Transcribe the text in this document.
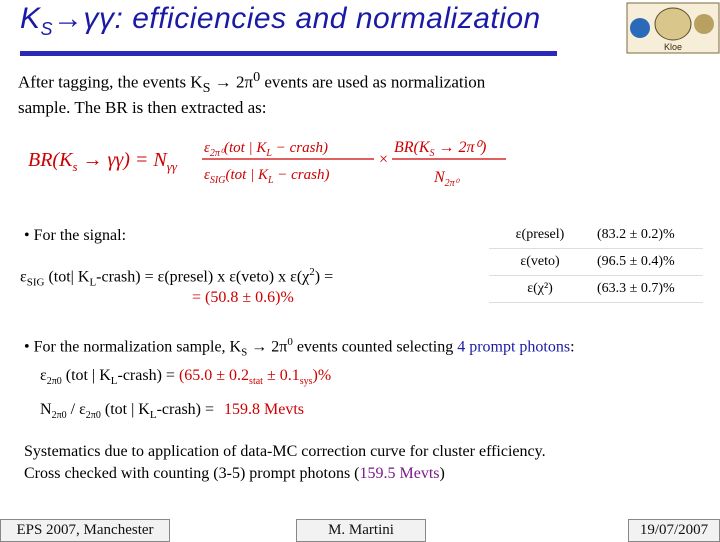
$K_S\to\gamma\gamma$: efficiencies and normalization
Kloe
After tagging, the events $K_S \to 2\pi^0$ events are used as normalization
sample. The BR is then extracted as:
$BR(K_s \to \gamma\gamma) = N_{\gamma\gamma}$
$\varepsilon_{2\pi^0}(tot$ | $K_L$ − crash)
$\varepsilon_{SIG}(tot$ | $K_L$ − crash)
×
$BR(K_S \to 2\pi^0)$
$N_{2\pi^0}$
• For the signal:
$\varepsilon_{SIG}$ (tot| $K_L-crash$) = ε(presel) x ε(veto) x $\varepsilon(\chi^2)$ =
= (50.8 ± 0.6)%
ε(presel)	(83.2 ± 0.2)%
ε(veto)	(96.5 ± 0.4)%
ε(χ²)	(63.3 ± 0.7)%
• For the normalization sample, $K_S \to 2\pi^0$ events counted selecting 4 prompt photons:
$\varepsilon_{2\pi 0}$ (tot | $K_L-crash) = (65.0 \pm 0.2_{stat} \pm 0.1_{sys})\%$
$N_{2\pi 0} / \varepsilon_{2\pi 0}$ (tot | $K_L-crash) = 159.8$ Mevts
Systematics due to application of data-MC correction curve for cluster efficiency.
Cross checked with counting (3-5) prompt photons (159.5 Mevts)
EPS 2007, Manchester	M. Martini	19/07/2007
